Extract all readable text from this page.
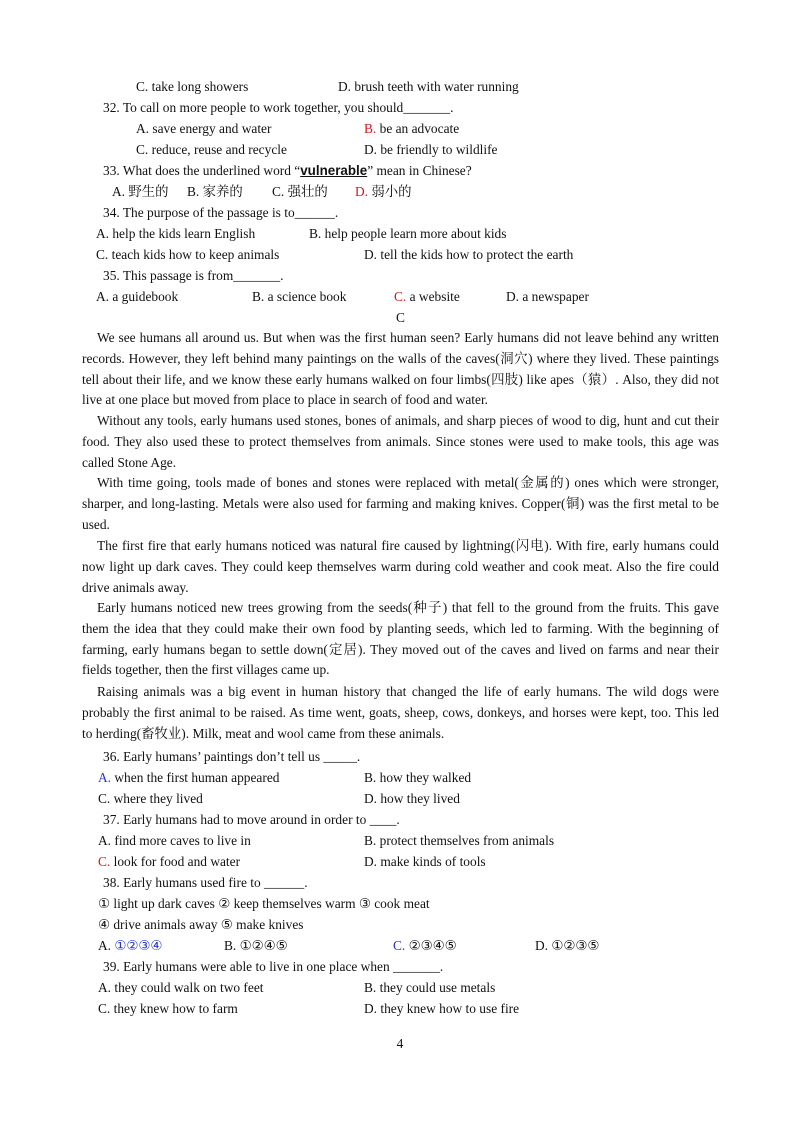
C. take long showers	D. brush teeth with water running
32. To call on more people to work together, you should_______.
A. save energy and water	B. be an advocate
C. reduce, reuse and recycle	D. be friendly to wildlife
33. What does the underlined word “vulnerable” mean in Chinese?
A. 野生的 B. 家养的 C. 强壮的 D. 弱小的
34. The purpose of the passage is to______.
A. help the kids learn English	B. help people learn more about kids
C. teach kids how to keep animals	D. tell the kids how to protect the earth
35. This passage is from_______.
A. a guidebook	B. a science book	C. a website	D. a newspaper
C
We see humans all around us. But when was the first human seen? Early humans did not leave behind any written records. However, they left behind many paintings on the walls of the caves(洞穴) where they lived. These paintings tell about their life, and we know these early humans walked on four limbs(四肢) like apes（猿）. Also, they did not live at one place but moved from place to place in search of food and water.
Without any tools, early humans used stones, bones of animals, and sharp pieces of wood to dig, hunt and cut their food. They also used these to protect themselves from animals. Since stones were used to make tools, this age was called Stone Age.
With time going, tools made of bones and stones were replaced with metal(金属的) ones which were stronger, sharper, and long-lasting. Metals were also used for farming and making knives. Copper(铜) was the first metal to be used.
The first fire that early humans noticed was natural fire caused by lightning(闪电). With fire, early humans could now light up dark caves. They could keep themselves warm during cold weather and cook meat. Also the fire could drive animals away.
Early humans noticed new trees growing from the seeds(种子) that fell to the ground from the fruits. This gave them the idea that they could make their own food by planting seeds, which led to farming. With the beginning of farming, early humans began to settle down(定居). They moved out of the caves and lived on farms and near their fields together, then the first villages came up.
Raising animals was a big event in human history that changed the life of early humans. The wild dogs were probably the first animal to be raised. As time went, goats, sheep, cows, donkeys, and horses were kept, too. This led to herding(畜牧业). Milk, meat and wool came from these animals.
36. Early humans’ paintings don’t tell us _____.
A. when the first human appeared	B. how they walked
C. where they lived	D. how they lived
37. Early humans had to move around in order to ____.
A. find more caves to live in	B. protect themselves from animals
C. look for food and water	D. make kinds of tools
38. Early humans used fire to ______.
① light up dark caves ② keep themselves warm ③ cook meat
④ drive animals away ⑤ make knives
A. ①②③④	B. ①②④⑤	C. ②③④⑤	D. ①②③⑤
39. Early humans were able to live in one place when _______.
A. they could walk on two feet	B. they could use metals
C. they knew how to farm	D. they knew how to use fire
4
